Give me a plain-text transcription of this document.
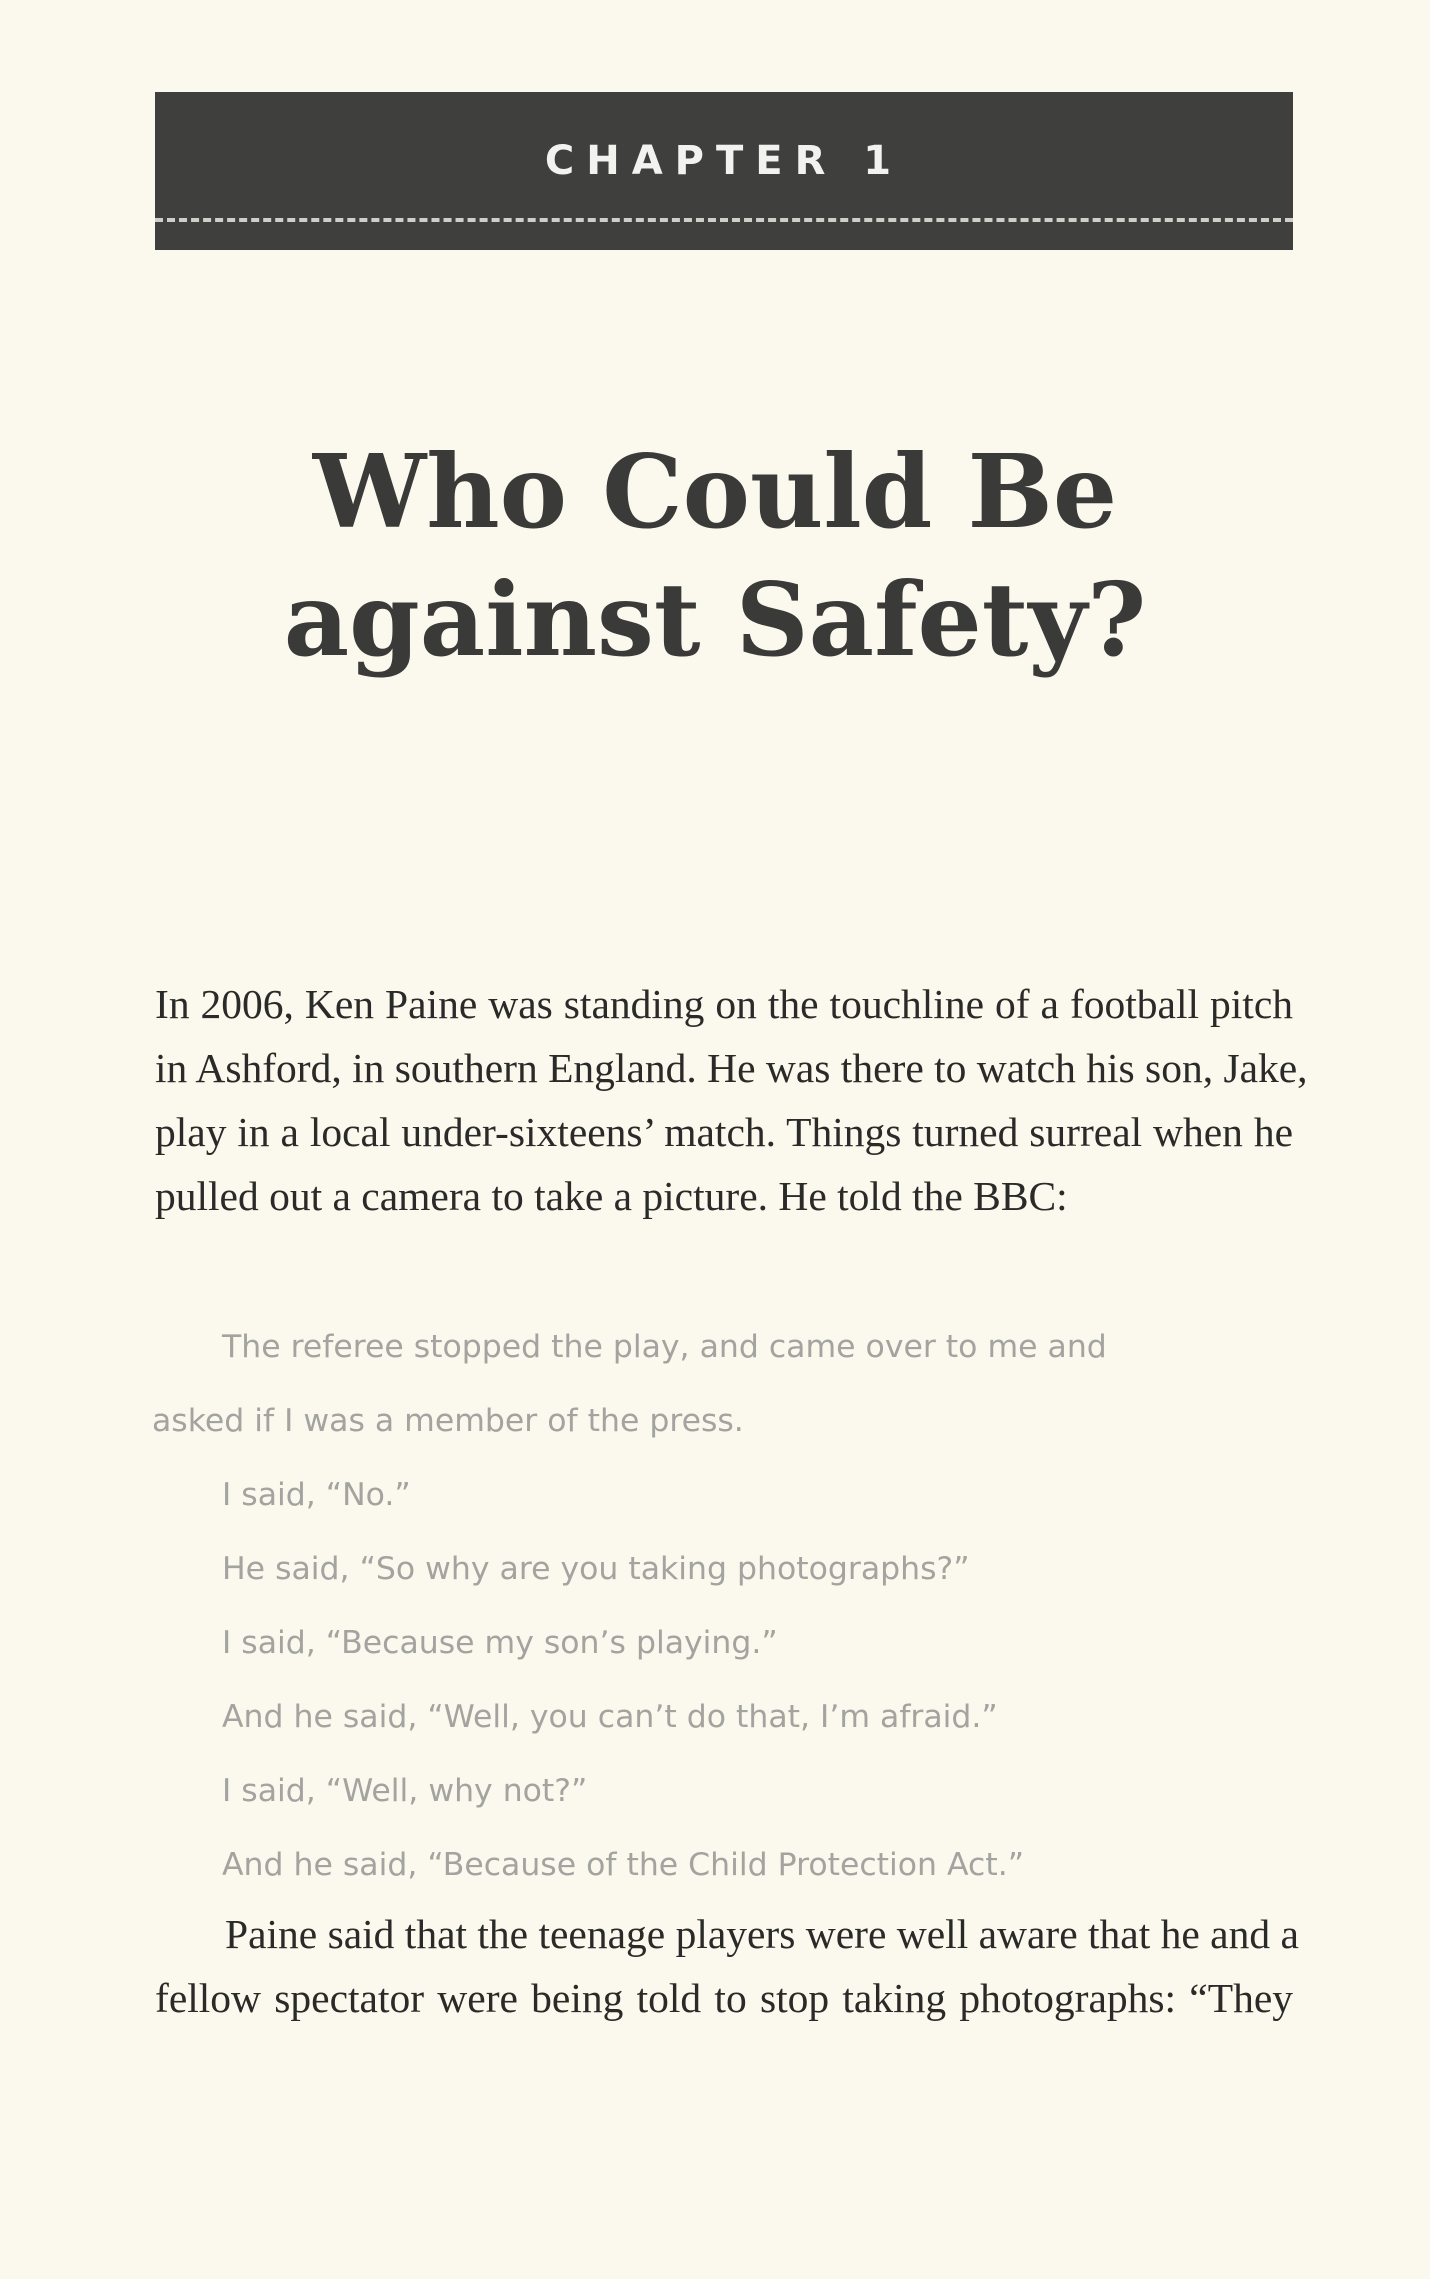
CHAPTER 1
Who Could Be
against Safety?

In 2006, Ken Paine was standing on the touchline of a football pitch
in Ashford, in southern England. He was there to watch his son, Jake,
play in a local under-sixteens’ match. Things turned surreal when he
pulled out a camera to take a picture. He told the BBC:

The referee stopped the play, and came over to me and
asked if I was a member of the press.
I said, “No.”
He said, “So why are you taking photographs?”
I said, “Because my son’s playing.”
And he said, “Well, you can’t do that, I’m afraid.”
I said, “Well, why not?”
And he said, “Because of the Child Protection Act.”

Paine said that the teenage players were well aware that he and a
fellow spectator were being told to stop taking photographs: “They
